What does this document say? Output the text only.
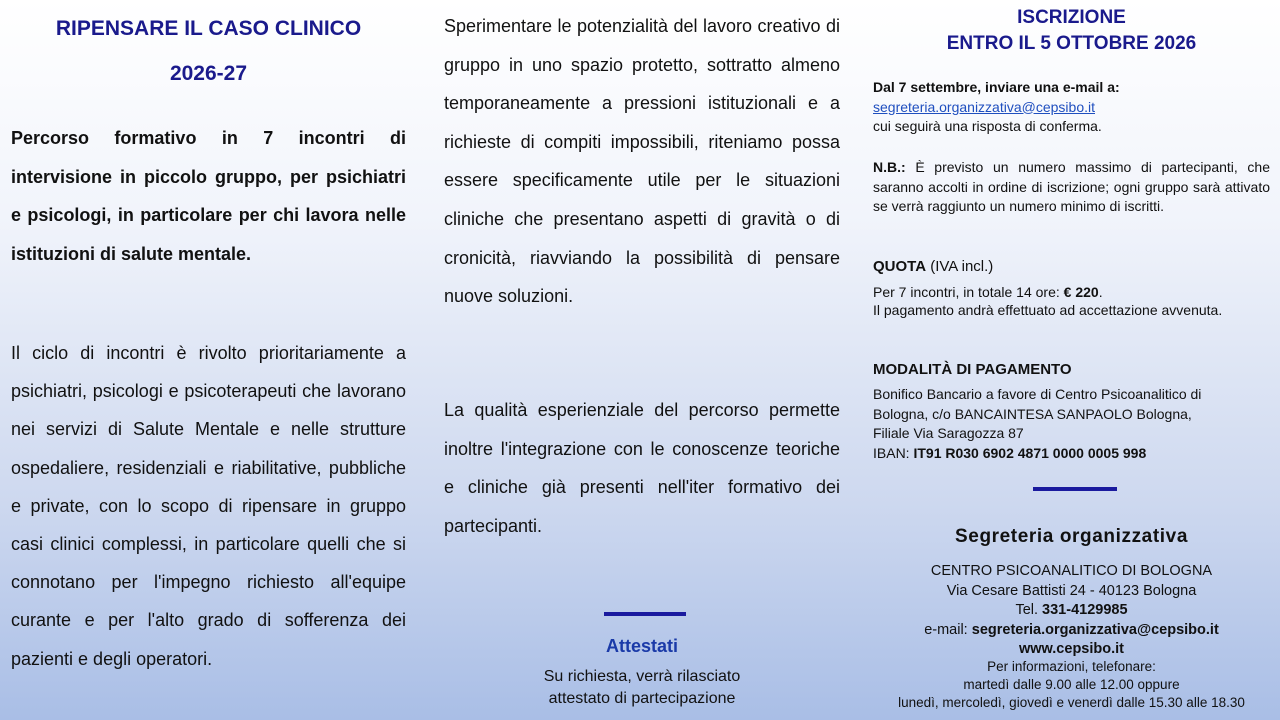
RIPENSARE IL CASO CLINICO

2026-27

Percorso formativo in 7 incontri di intervisione in piccolo gruppo, per psichiatri e psicologi, in particolare per chi lavora nelle istituzioni di salute mentale.

Il ciclo di incontri è rivolto prioritariamente a psichiatri, psicologi e psicoterapeuti che lavorano nei servizi di Salute Mentale e nelle strutture ospedaliere, residenziali e riabilitative, pubbliche e private, con lo scopo di ripensare in gruppo casi clinici complessi, in particolare quelli che si connotano per l'impegno richiesto all'equipe curante e per l'alto grado di sofferenza dei pazienti e degli operatori.

Sperimentare le potenzialità del lavoro creativo di gruppo in uno spazio protetto, sottratto almeno temporaneamente a pressioni istituzionali e a richieste di compiti impossibili, riteniamo possa essere specificamente utile per le situazioni cliniche che presentano aspetti di gravità o di cronicità, riavviando la possibilità di pensare nuove soluzioni.

La qualità esperienziale del percorso permette inoltre l'integrazione con le conoscenze teoriche e cliniche già presenti nell'iter formativo dei partecipanti.

Attestati

Su richiesta, verrà rilasciato
attestato di partecipazione

ISCRIZIONE

ENTRO IL 5 OTTOBRE 2026

Dal 7 settembre, inviare una e-mail a:
segreteria.organizzativa@cepsibo.it
cui seguirà una risposta di conferma.

N.B.: È previsto un numero massimo di partecipanti, che saranno accolti in ordine di iscrizione; ogni gruppo sarà attivato se verrà raggiunto un numero minimo di iscritti.

QUOTA (IVA incl.)

Per 7 incontri, in totale 14 ore: € 220.

Il pagamento andrà effettuato ad accettazione avvenuta.

MODALITÀ DI PAGAMENTO

Bonifico Bancario a favore di Centro Psicoanalitico di
Bologna, c/o BANCAINTESA SANPAOLO Bologna,
Filiale Via Saragozza 87
IBAN: IT91 R030 6902 4871 0000 0005 998

Segreteria organizzativa

CENTRO PSICOANALITICO DI BOLOGNA

Via Cesare Battisti 24 - 40123 Bologna

Tel. 331-4129985

e-mail: segreteria.organizzativa@cepsibo.it

www.cepsibo.it

Per informazioni, telefonare:

martedì dalle 9.00 alle 12.00 oppure

lunedì, mercoledì, giovedì e venerdì dalle 15.30 alle 18.30
